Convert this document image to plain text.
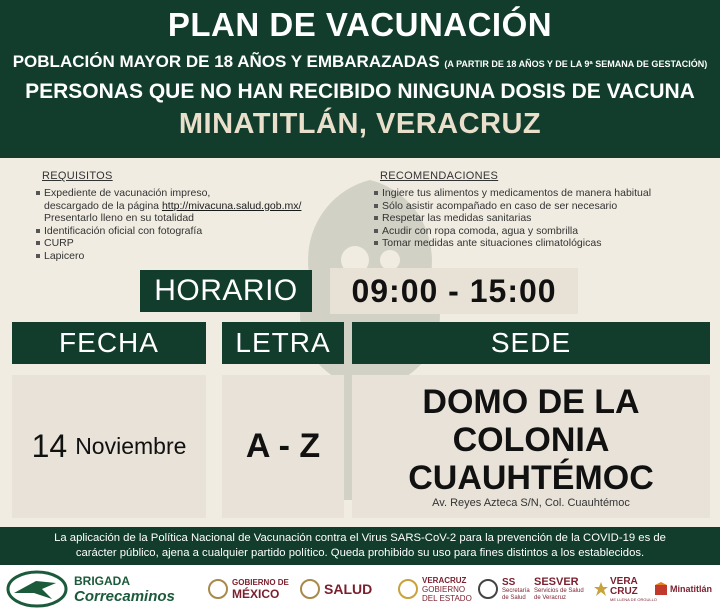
PLAN DE VACUNACIÓN
POBLACIÓN MAYOR DE 18 AÑOS Y EMBARAZADAS (A PARTIR DE 18 AÑOS Y DE LA 9ª SEMANA DE GESTACIÓN)
PERSONAS QUE NO HAN RECIBIDO NINGUNA DOSIS DE VACUNA
MINATITLÁN, VERACRUZ
REQUISITOS
Expediente de vacunación impreso,
descargado de la página http://mivacuna.salud.gob.mx/
Presentarlo lleno en su totalidad
Identificación oficial con fotografía
CURP
Lapicero
RECOMENDACIONES
Ingiere tus alimentos y medicamentos de manera habitual
Sólo asistir acompañado en caso de ser necesario
Respetar las medidas sanitarias
Acudir con ropa comoda, agua y sombrilla
Tomar medidas ante situaciones climatológicas
HORARIO	09:00 - 15:00
FECHA	LETRA	SEDE
14 Noviembre	A - Z
DOMO DE LA
COLONIA
CUAUHTÉMOC
Av. Reyes Azteca S/N, Col. Cuauhtémoc
La aplicación de la Política Nacional de Vacunación contra el Virus SARS-CoV-2 para la prevención de la COVID-19 es de
carácter público, ajena a cualquier partido político. Queda prohibido su uso para fines distintos a los establecidos.
BRIGADA
Correcaminos
GOBIERNO DE
MÉXICO	SALUD
VERACRUZ
GOBIERNO
DEL ESTADO
SS
Secretaría
de Salud
SESVER
Servicios de Salud
de Veracruz
VERA
CRUZ
ME LLENA DE ORGULLO
Minatitlán
